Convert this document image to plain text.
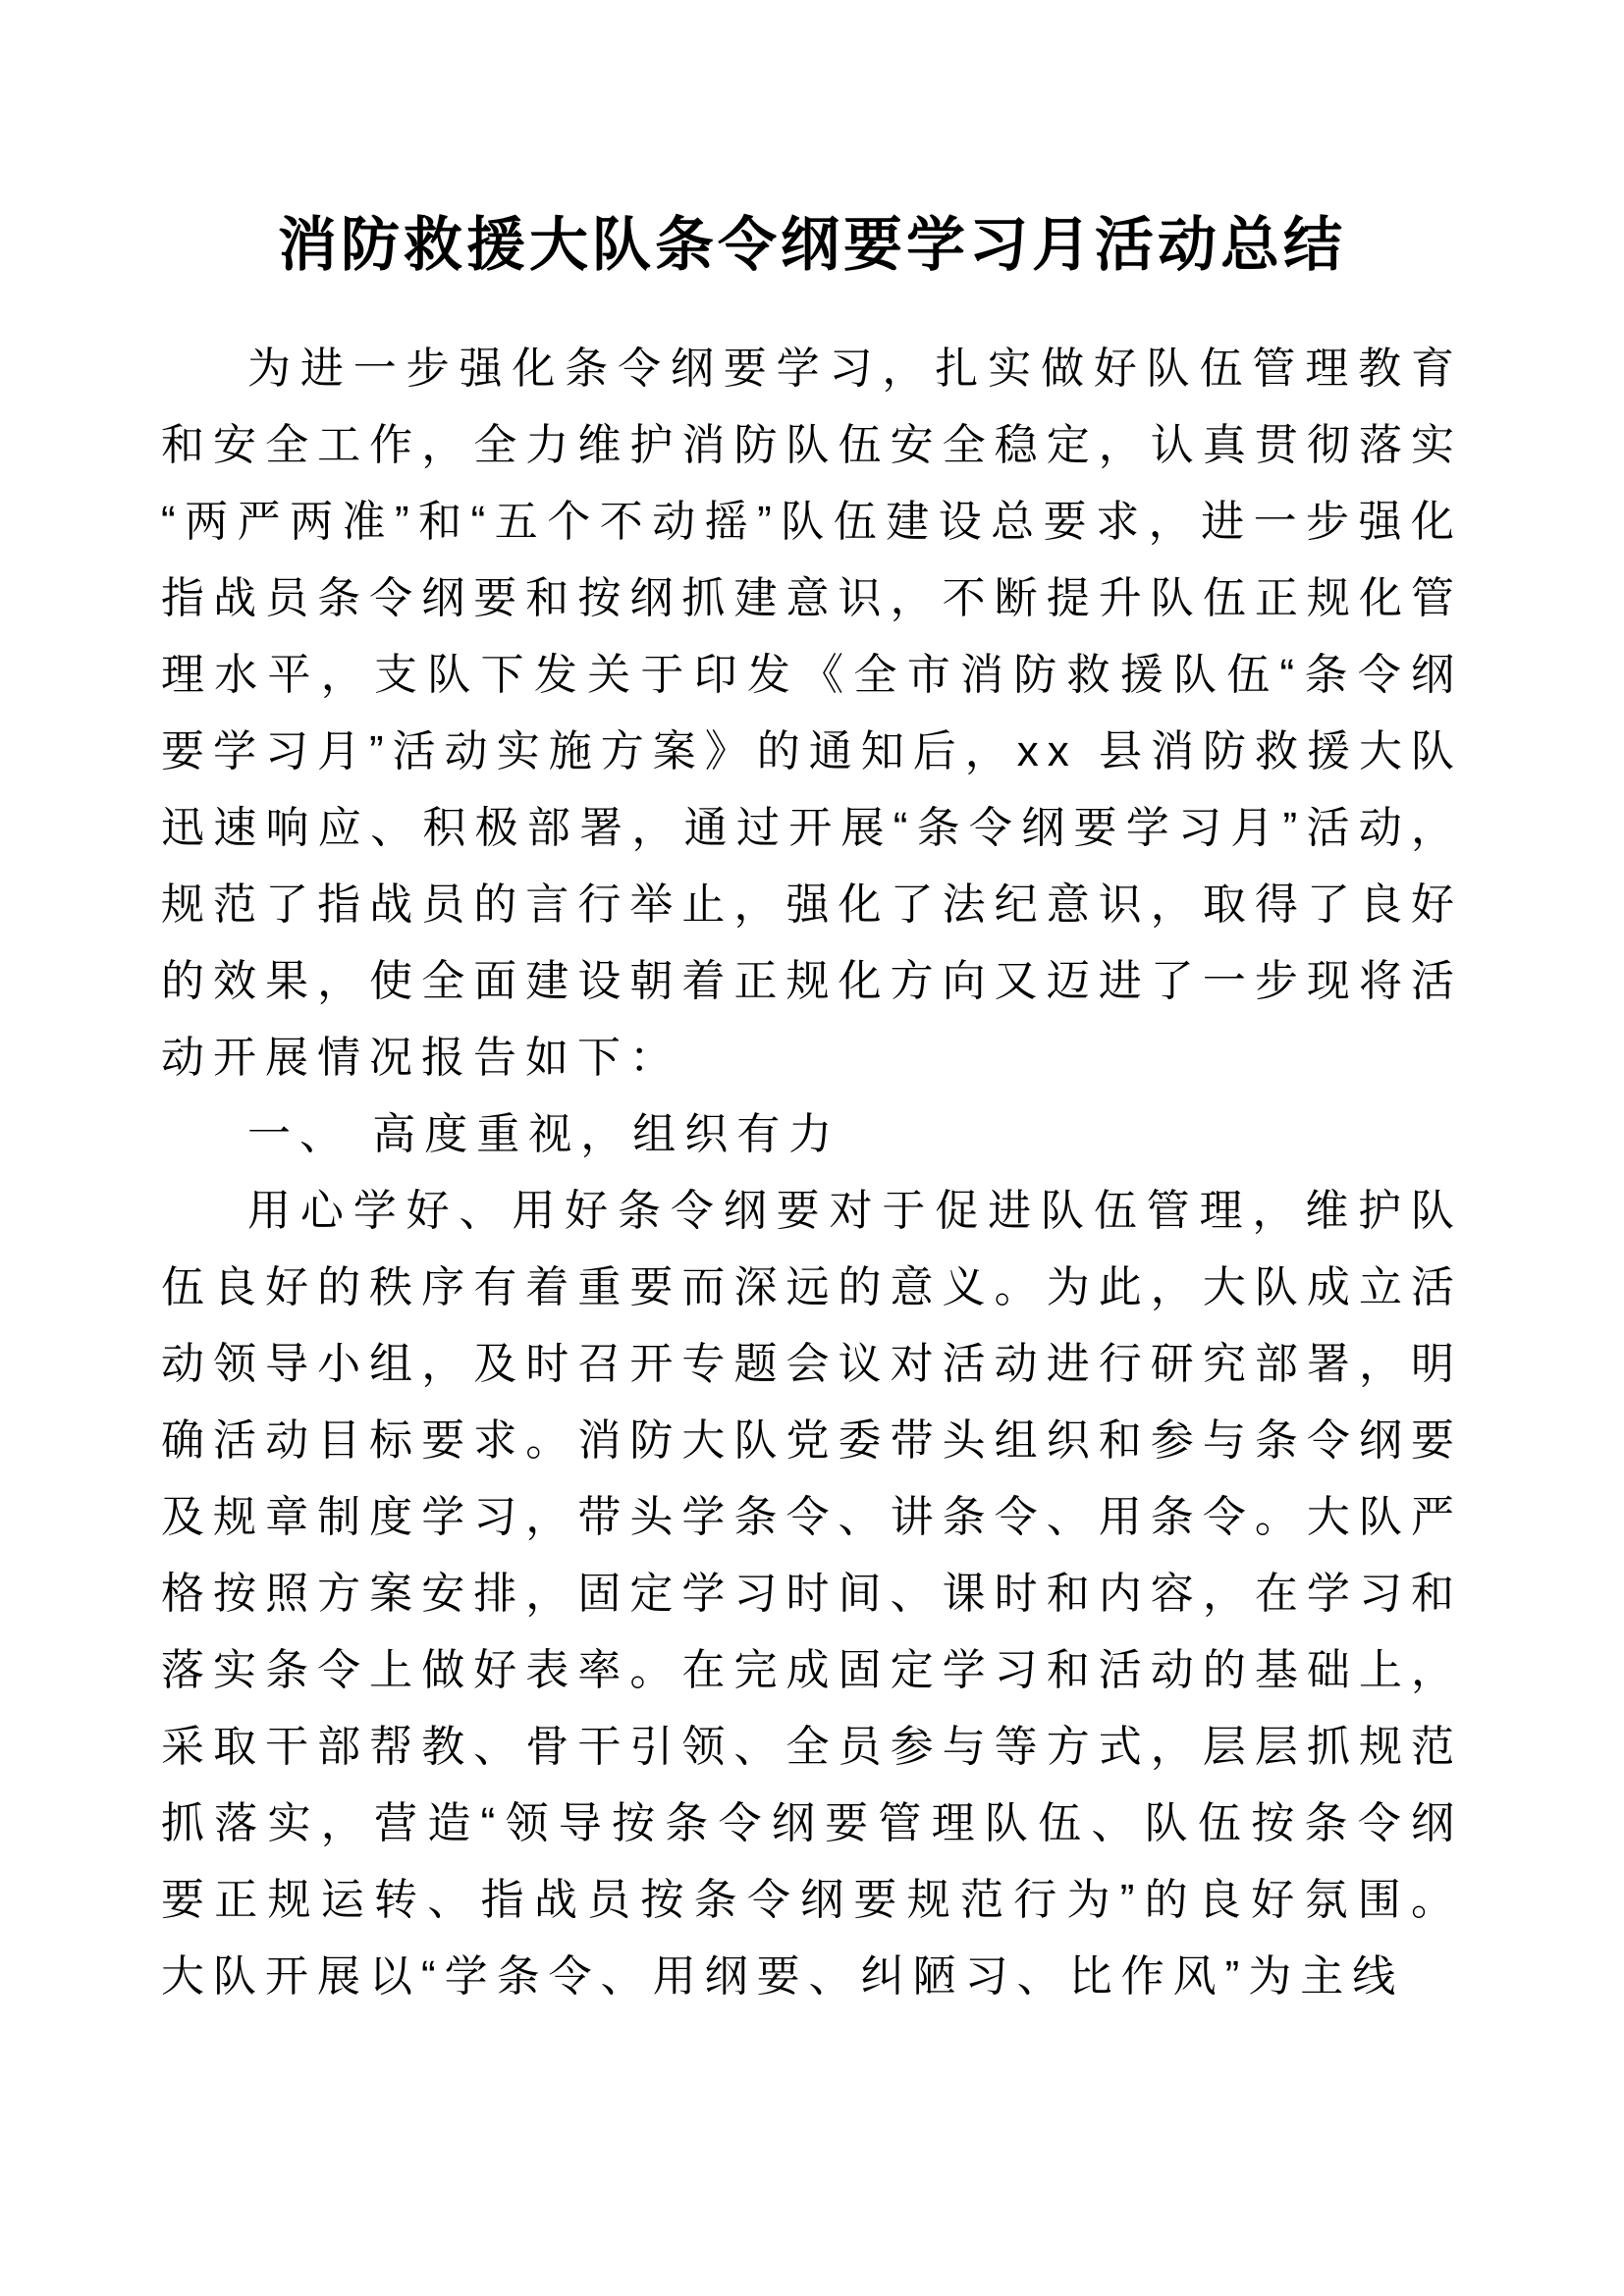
消防救援大队条令纲要学习月活动总结

为进一步强化条令纲要学习，扎实做好队伍管理教育和安全工作，全力维护消防队伍安全稳定，认真贯彻落实“两严两准”和“五个不动摇”队伍建设总要求，进一步强化指战员条令纲要和按纲抓建意识，不断提升队伍正规化管理水平，支队下发关于印发《全市消防救援队伍“条令纲要学习月”活动实施方案》的通知后，xx 县消防救援大队迅速响应、积极部署，通过开展“条令纲要学习月”活动，规范了指战员的言行举止，强化了法纪意识，取得了良好的效果，使全面建设朝着正规化方向又迈进了一步现将活动开展情况报告如下：

一、 高度重视，组织有力

用心学好、用好条令纲要对于促进队伍管理，维护队伍良好的秩序有着重要而深远的意义。为此，大队成立活动领导小组，及时召开专题会议对活动进行研究部署，明确活动目标要求。消防大队党委带头组织和参与条令纲要及规章制度学习，带头学条令、讲条令、用条令。大队严格按照方案安排，固定学习时间、课时和内容，在学习和落实条令上做好表率。在完成固定学习和活动的基础上，采取干部帮教、骨干引领、全员参与等方式，层层抓规范抓落实，营造“领导按条令纲要管理队伍、队伍按条令纲要正规运转、指战员按条令纲要规范行为”的良好氛围。大队开展以“学条令、用纲要、纠陋习、比作风”为主线
